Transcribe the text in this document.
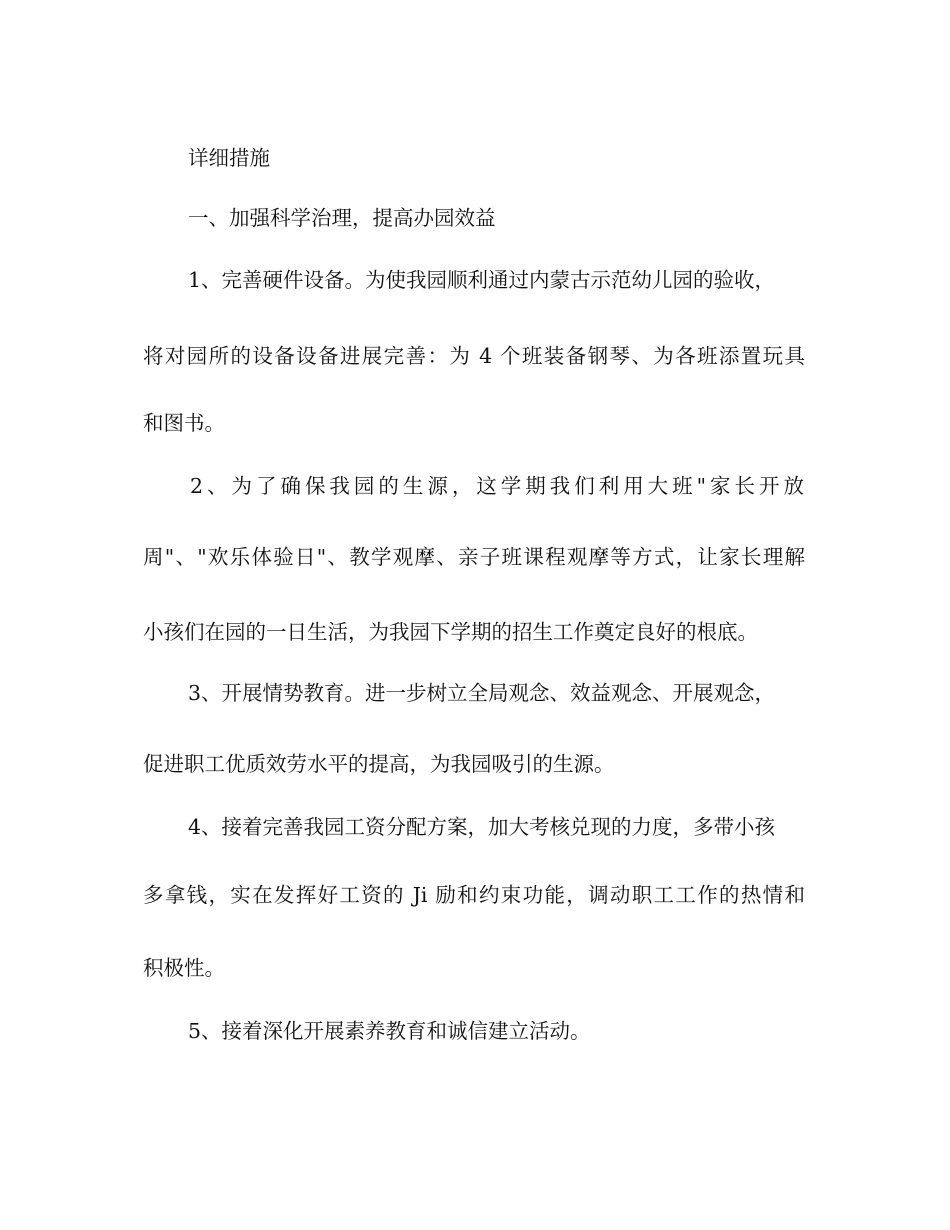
详细措施
一、加强科学治理，提高办园效益
1、完善硬件设备。为使我园顺利通过内蒙古示范幼儿园的验收，
将对园所的设备设备进展完善：为 4 个班装备钢琴、为各班添置玩具
和图书。
2、为了确保我园的生源，这学期我们利用大班"家长开放
周"、"欢乐体验日"、教学观摩、亲子班课程观摩等方式，让家长理解
小孩们在园的一日生活，为我园下学期的招生工作奠定良好的根底。
3、开展情势教育。进一步树立全局观念、效益观念、开展观念，
促进职工优质效劳水平的提高，为我园吸引的生源。
4、接着完善我园工资分配方案，加大考核兑现的力度，多带小孩
多拿钱，实在发挥好工资的 Ji 励和约束功能，调动职工工作的热情和
积极性。
5、接着深化开展素养教育和诚信建立活动。
